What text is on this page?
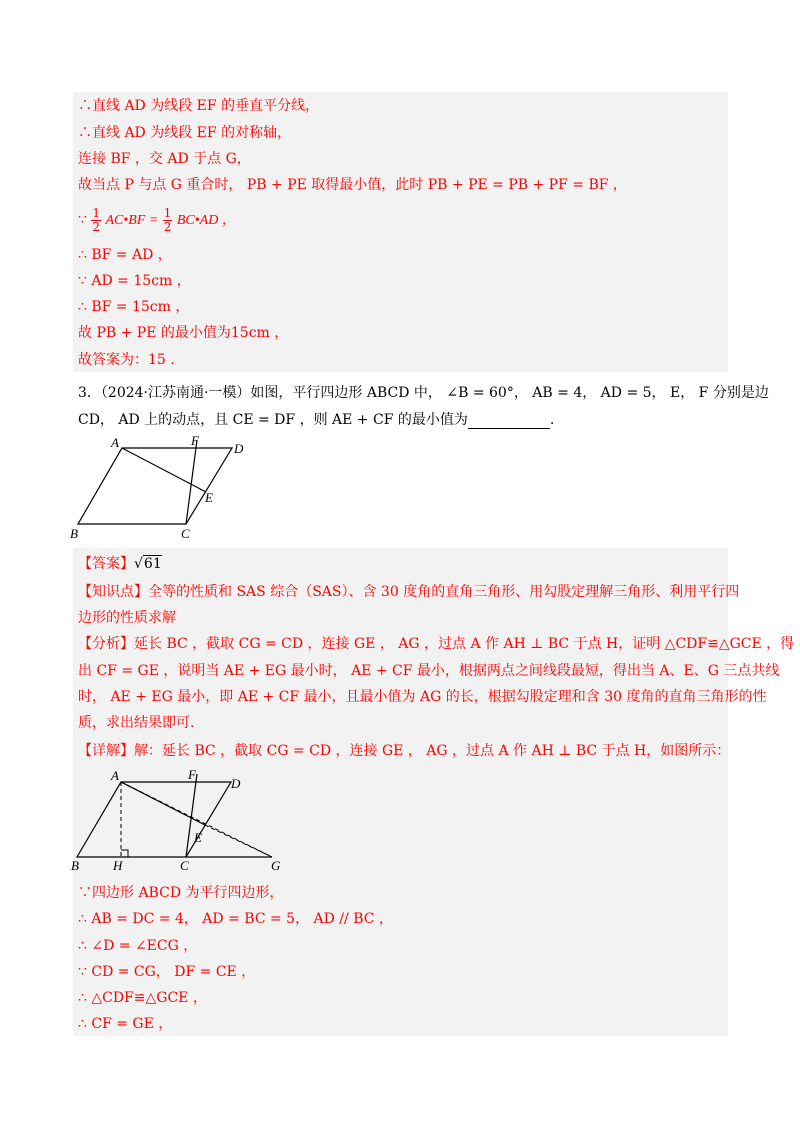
∴直线 AD 为线段 EF 的垂直平分线，
∴直线 AD 为线段 EF 的对称轴，
连接 BF ，交 AD 于点 G，
故当点 P 与点 G 重合时， PB + PE 取得最小值，此时 PB + PE = PB + PF = BF ，
∵ $\frac{1}{2}$ AC•BF = $\frac{1}{2}$ BC•AD ，
∴ BF = AD ，
∵ AD = 15cm ，
∴ BF = 15cm ，
故 PB + PE 的最小值为15cm ，
故答案为：15 .
3．（2024·江苏南通·一模）如图，平行四边形 ABCD 中， ∠B = 60°， AB = 4， AD = 5， E， F 分别是边
CD， AD 上的动点，且 CE = DF ，则 AE + CF 的最小值为	.
A	F
D
E
B	C
【答案】√61
【知识点】全等的性质和 SAS 综合（SAS）、含 30 度角的直角三角形、用勾股定理解三角形、利用平行四
边形的性质求解
【分析】延长 BC ，截取 CG = CD ，连接 GE ， AG ，过点 A 作 AH ⊥ BC 于点 H，证明 △CDF≌△GCE ，得
出 CF = GE ，说明当 AE + EG 最小时， AE + CF 最小，根据两点之间线段最短，得出当 A、E、G 三点共线
时， AE + EG 最小，即 AE + CF 最小，且最小值为 AG 的长，根据勾股定理和含 30 度角的直角三角形的性
质，求出结果即可.
【详解】解：延长 BC ，截取 CG = CD ，连接 GE ， AG ，过点 A 作 AH ⊥ BC 于点 H，如图所示：
A	F
D
E
B	H	C	G
∵四边形 ABCD 为平行四边形，
∴ AB = DC = 4， AD = BC = 5， AD // BC ，
∴ ∠D = ∠ECG ，
∵ CD = CG， DF = CE ，
∴ △CDF≌△GCE ，
∴ CF = GE ，
